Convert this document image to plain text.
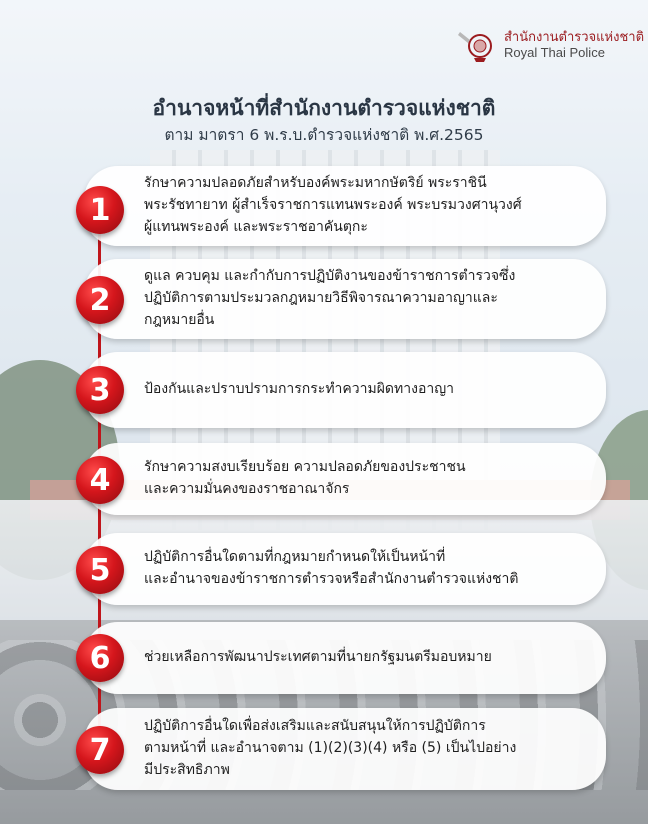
สำนักงานตำรวจแห่งชาติ
Royal Thai Police
อำนาจหน้าที่สำนักงานตำรวจแห่งชาติ
ตาม มาตรา 6 พ.ร.บ.ตำรวจแห่งชาติ พ.ศ.2565
รักษาความปลอดภัยสำหรับองค์พระมหากษัตริย์ พระราชินี
พระรัชทายาท ผู้สำเร็จราชการแทนพระองค์ พระบรมวงศานุวงศ์
ผู้แทนพระองค์ และพระราชอาคันตุกะ
1
ดูแล ควบคุม และกำกับการปฏิบัติงานของข้าราชการตำรวจซึ่ง
ปฏิบัติการตามประมวลกฎหมายวิธีพิจารณาความอาญาและ
กฎหมายอื่น
2
ป้องกันและปราบปรามการกระทำความผิดทางอาญา
3
รักษาความสงบเรียบร้อย ความปลอดภัยของประชาชน
และความมั่นคงของราชอาณาจักร
4
ปฏิบัติการอื่นใดตามที่กฎหมายกำหนดให้เป็นหน้าที่
และอำนาจของข้าราชการตำรวจหรือสำนักงานตำรวจแห่งชาติ
5
ช่วยเหลือการพัฒนาประเทศตามที่นายกรัฐมนตรีมอบหมาย
6
ปฏิบัติการอื่นใดเพื่อส่งเสริมและสนับสนุนให้การปฏิบัติการ
ตามหน้าที่ และอำนาจตาม (1)(2)(3)(4) หรือ (5) เป็นไปอย่าง
มีประสิทธิภาพ
7
